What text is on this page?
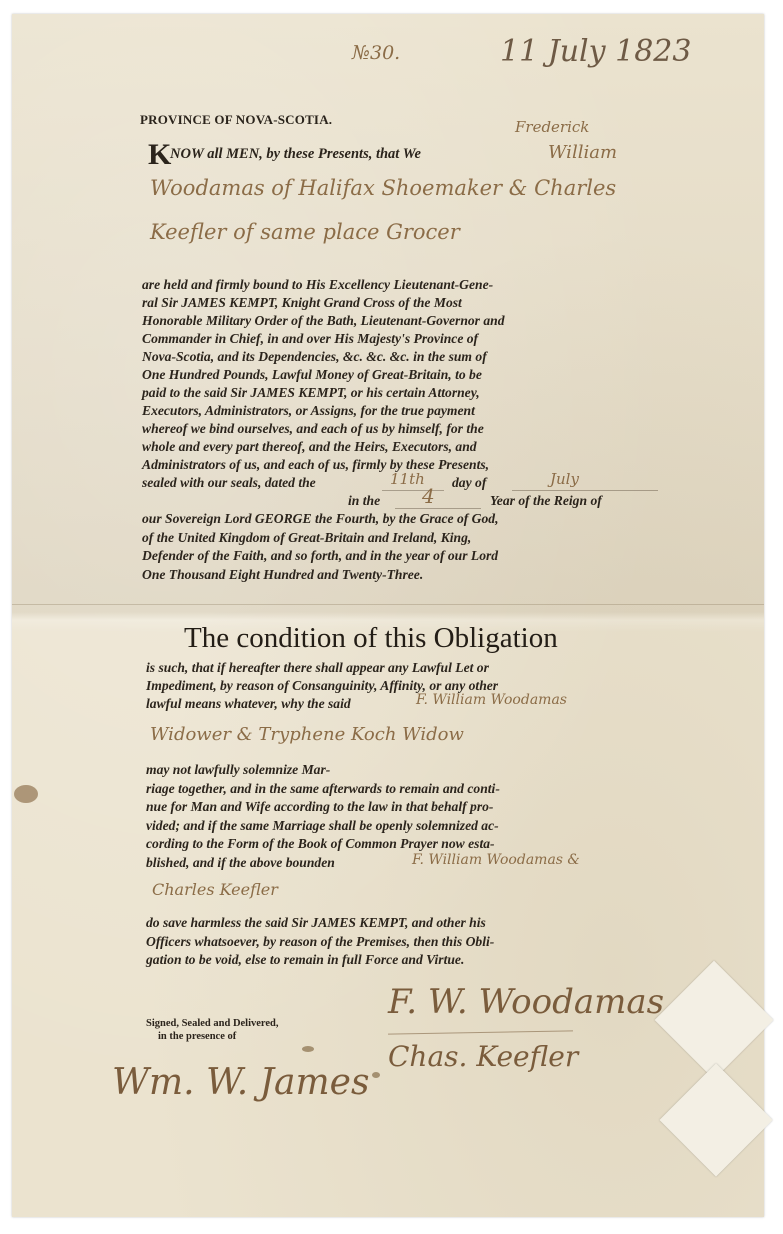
№30.	11 July 1823
PROVINCE OF NOVA-SCOTIA.
K
NOW all MEN, by these Presents, that We
Frederick
William
Woodamas of Halifax Shoemaker & Charles
Keefler of same place Grocer
are held and firmly bound to His Excellency Lieutenant-Gene-
ral Sir JAMES KEMPT, Knight Grand Cross of the Most
Honorable Military Order of the Bath, Lieutenant-Governor and
Commander in Chief, in and over His Majesty's Province of
Nova-Scotia, and its Dependencies, &c. &c. &c. in the sum of
One Hundred Pounds, Lawful Money of Great-Britain, to be
paid to the said Sir JAMES KEMPT, or his certain Attorney,
Executors, Administrators, or Assigns, for the true payment
whereof we bind ourselves, and each of us by himself, for the
whole and every part thereof, and the Heirs, Executors, and
Administrators of us, and each of us, firmly by these Presents,
sealed with our seals, dated the	11th day of	July
in the 4	Year of the Reign of
our Sovereign Lord GEORGE the Fourth, by the Grace of God,
of the United Kingdom of Great-Britain and Ireland, King,
Defender of the Faith, and so forth, and in the year of our Lord
One Thousand Eight Hundred and Twenty-Three.
The condition of this Obligation
is such, that if hereafter there shall appear any Lawful Let or
Impediment, by reason of Consanguinity, Affinity, or any other
lawful means whatever, why the said	F. William Woodamas
Widower & Tryphene Koch Widow
may not lawfully solemnize Mar-
riage together, and in the same afterwards to remain and conti-
nue for Man and Wife according to the law in that behalf pro-
vided; and if the same Marriage shall be openly solemnized ac-
cording to the Form of the Book of Common Prayer now esta-
blished, and if the above bounden	F. William Woodamas &
Charles Keefler
do save harmless the said Sir JAMES KEMPT, and other his
Officers whatsoever, by reason of the Premises, then this Obli-
gation to be void, else to remain in full Force and Virtue.
Signed, Sealed and Delivered,
in the presence of
F. W. Woodamas
Chas. Keefler
Wm. W. James
